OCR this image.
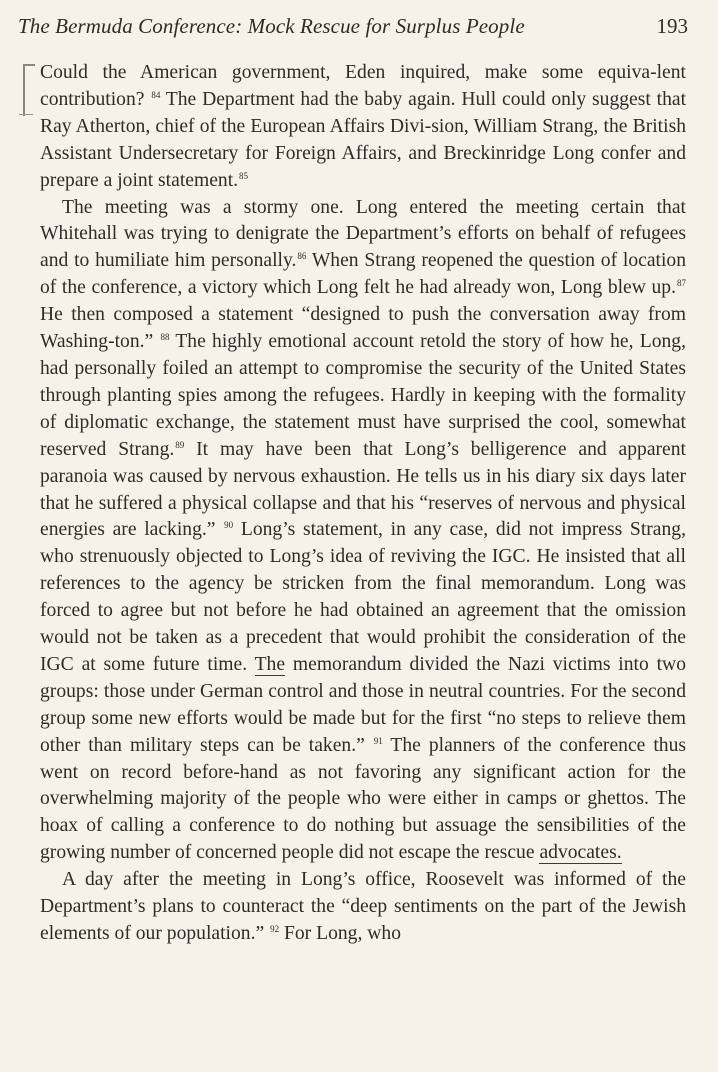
The Bermuda Conference: Mock Rescue for Surplus People	193

Could the American government, Eden inquired, make some equiva-lent contribution? $^{84}$ The Department had the baby again. Hull could only suggest that Ray Atherton, chief of the European Affairs Divi-sion, William Strang, the British Assistant Undersecretary for Foreign Affairs, and Breckinridge Long confer and prepare a joint statement.$^{85}$

The meeting was a stormy one. Long entered the meeting certain that Whitehall was trying to denigrate the Department’s efforts on behalf of refugees and to humiliate him personally.$^{86}$ When Strang reopened the question of location of the conference, a victory which Long felt he had already won, Long blew up.$^{87}$ He then composed a statement “designed to push the conversation away from Washing-ton.” $^{88}$ The highly emotional account retold the story of how he, Long, had personally foiled an attempt to compromise the security of the United States through planting spies among the refugees. Hardly in keeping with the formality of diplomatic exchange, the statement must have surprised the cool, somewhat reserved Strang.$^{89}$ It may have been that Long’s belligerence and apparent paranoia was caused by nervous exhaustion. He tells us in his diary six days later that he suffered a physical collapse and that his “reserves of nervous and physical energies are lacking.” $^{90}$ Long’s statement, in any case, did not impress Strang, who strenuously objected to Long’s idea of reviving the IGC. He insisted that all references to the agency be stricken from the final memorandum. Long was forced to agree but not before he had obtained an agreement that the omission would not be taken as a precedent that would prohibit the consideration of the IGC at some future time. The memorandum divided the Nazi victims into two groups: those under German control and those in neutral countries. For the second group some new efforts would be made but for the first “no steps to relieve them other than military steps can be taken.” $^{91}$ The planners of the conference thus went on record before-hand as not favoring any significant action for the overwhelming majority of the people who were either in camps or ghettos. The hoax of calling a conference to do nothing but assuage the sensibilities of the growing number of concerned people did not escape the rescue advocates.

A day after the meeting in Long’s office, Roosevelt was informed of the Department’s plans to counteract the “deep sentiments on the part of the Jewish elements of our population.” $^{92}$ For Long, who
